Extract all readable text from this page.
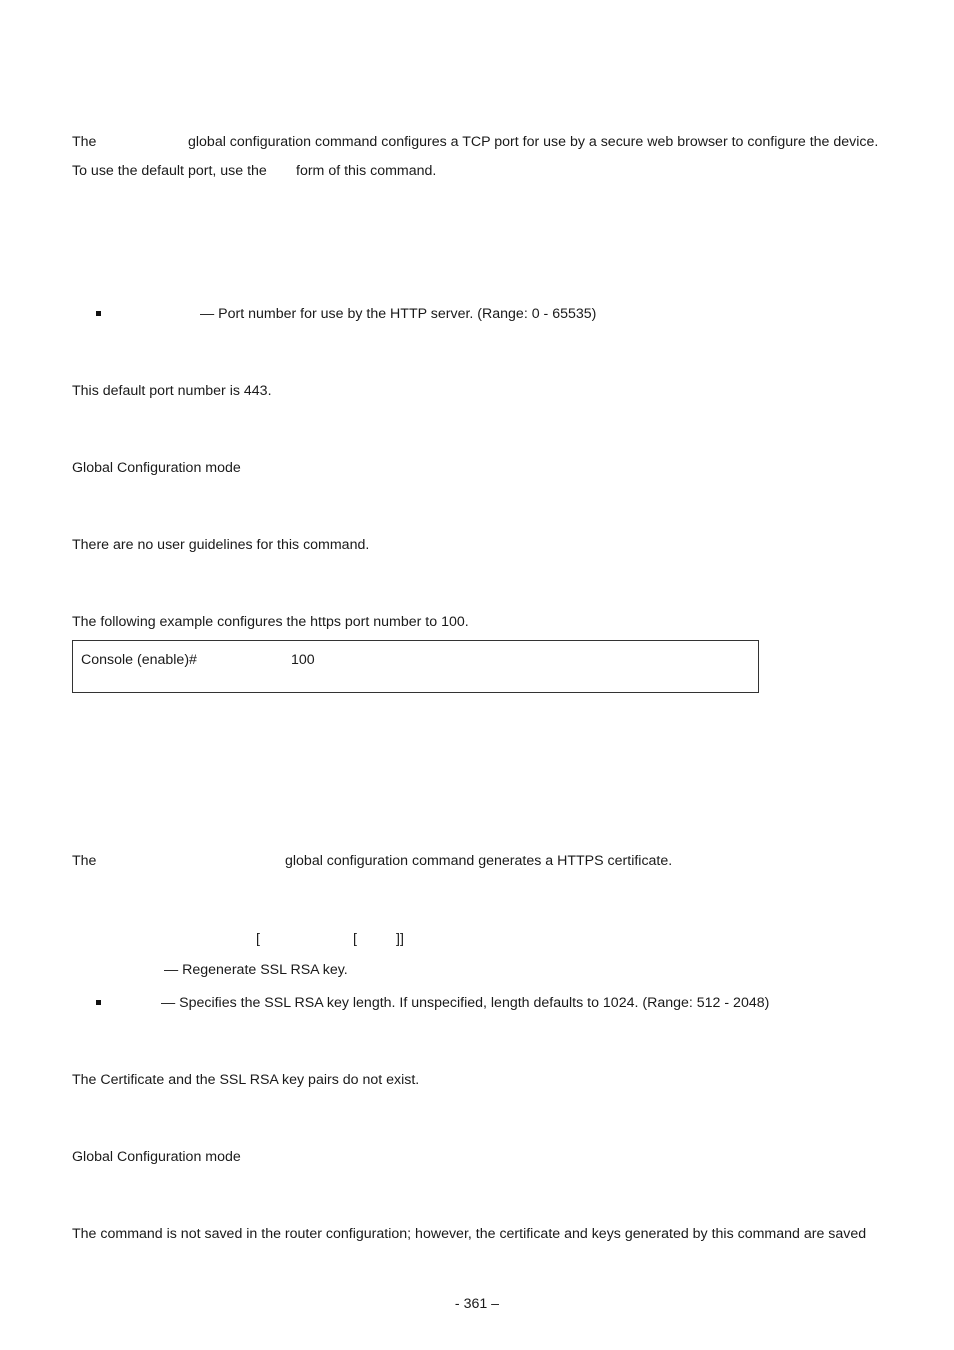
The	global configuration command configures a TCP port for use by a secure web browser to configure the device.
To use the default port, use the form of this command.
— Port number for use by the HTTP server. (Range: 0 - 65535)
This default port number is 443.
Global Configuration mode
There are no user guidelines for this command.
The following example configures the https port number to 100.
Console (enable)#	100
The	global configuration command generates a HTTPS certificate.
[	[	]]
— Regenerate SSL RSA key.
— Specifies the SSL RSA key length. If unspecified, length defaults to 1024. (Range: 512 - 2048)
The Certificate and the SSL RSA key pairs do not exist.
Global Configuration mode
The command is not saved in the router configuration; however, the certificate and keys generated by this command are saved
- 361 –
